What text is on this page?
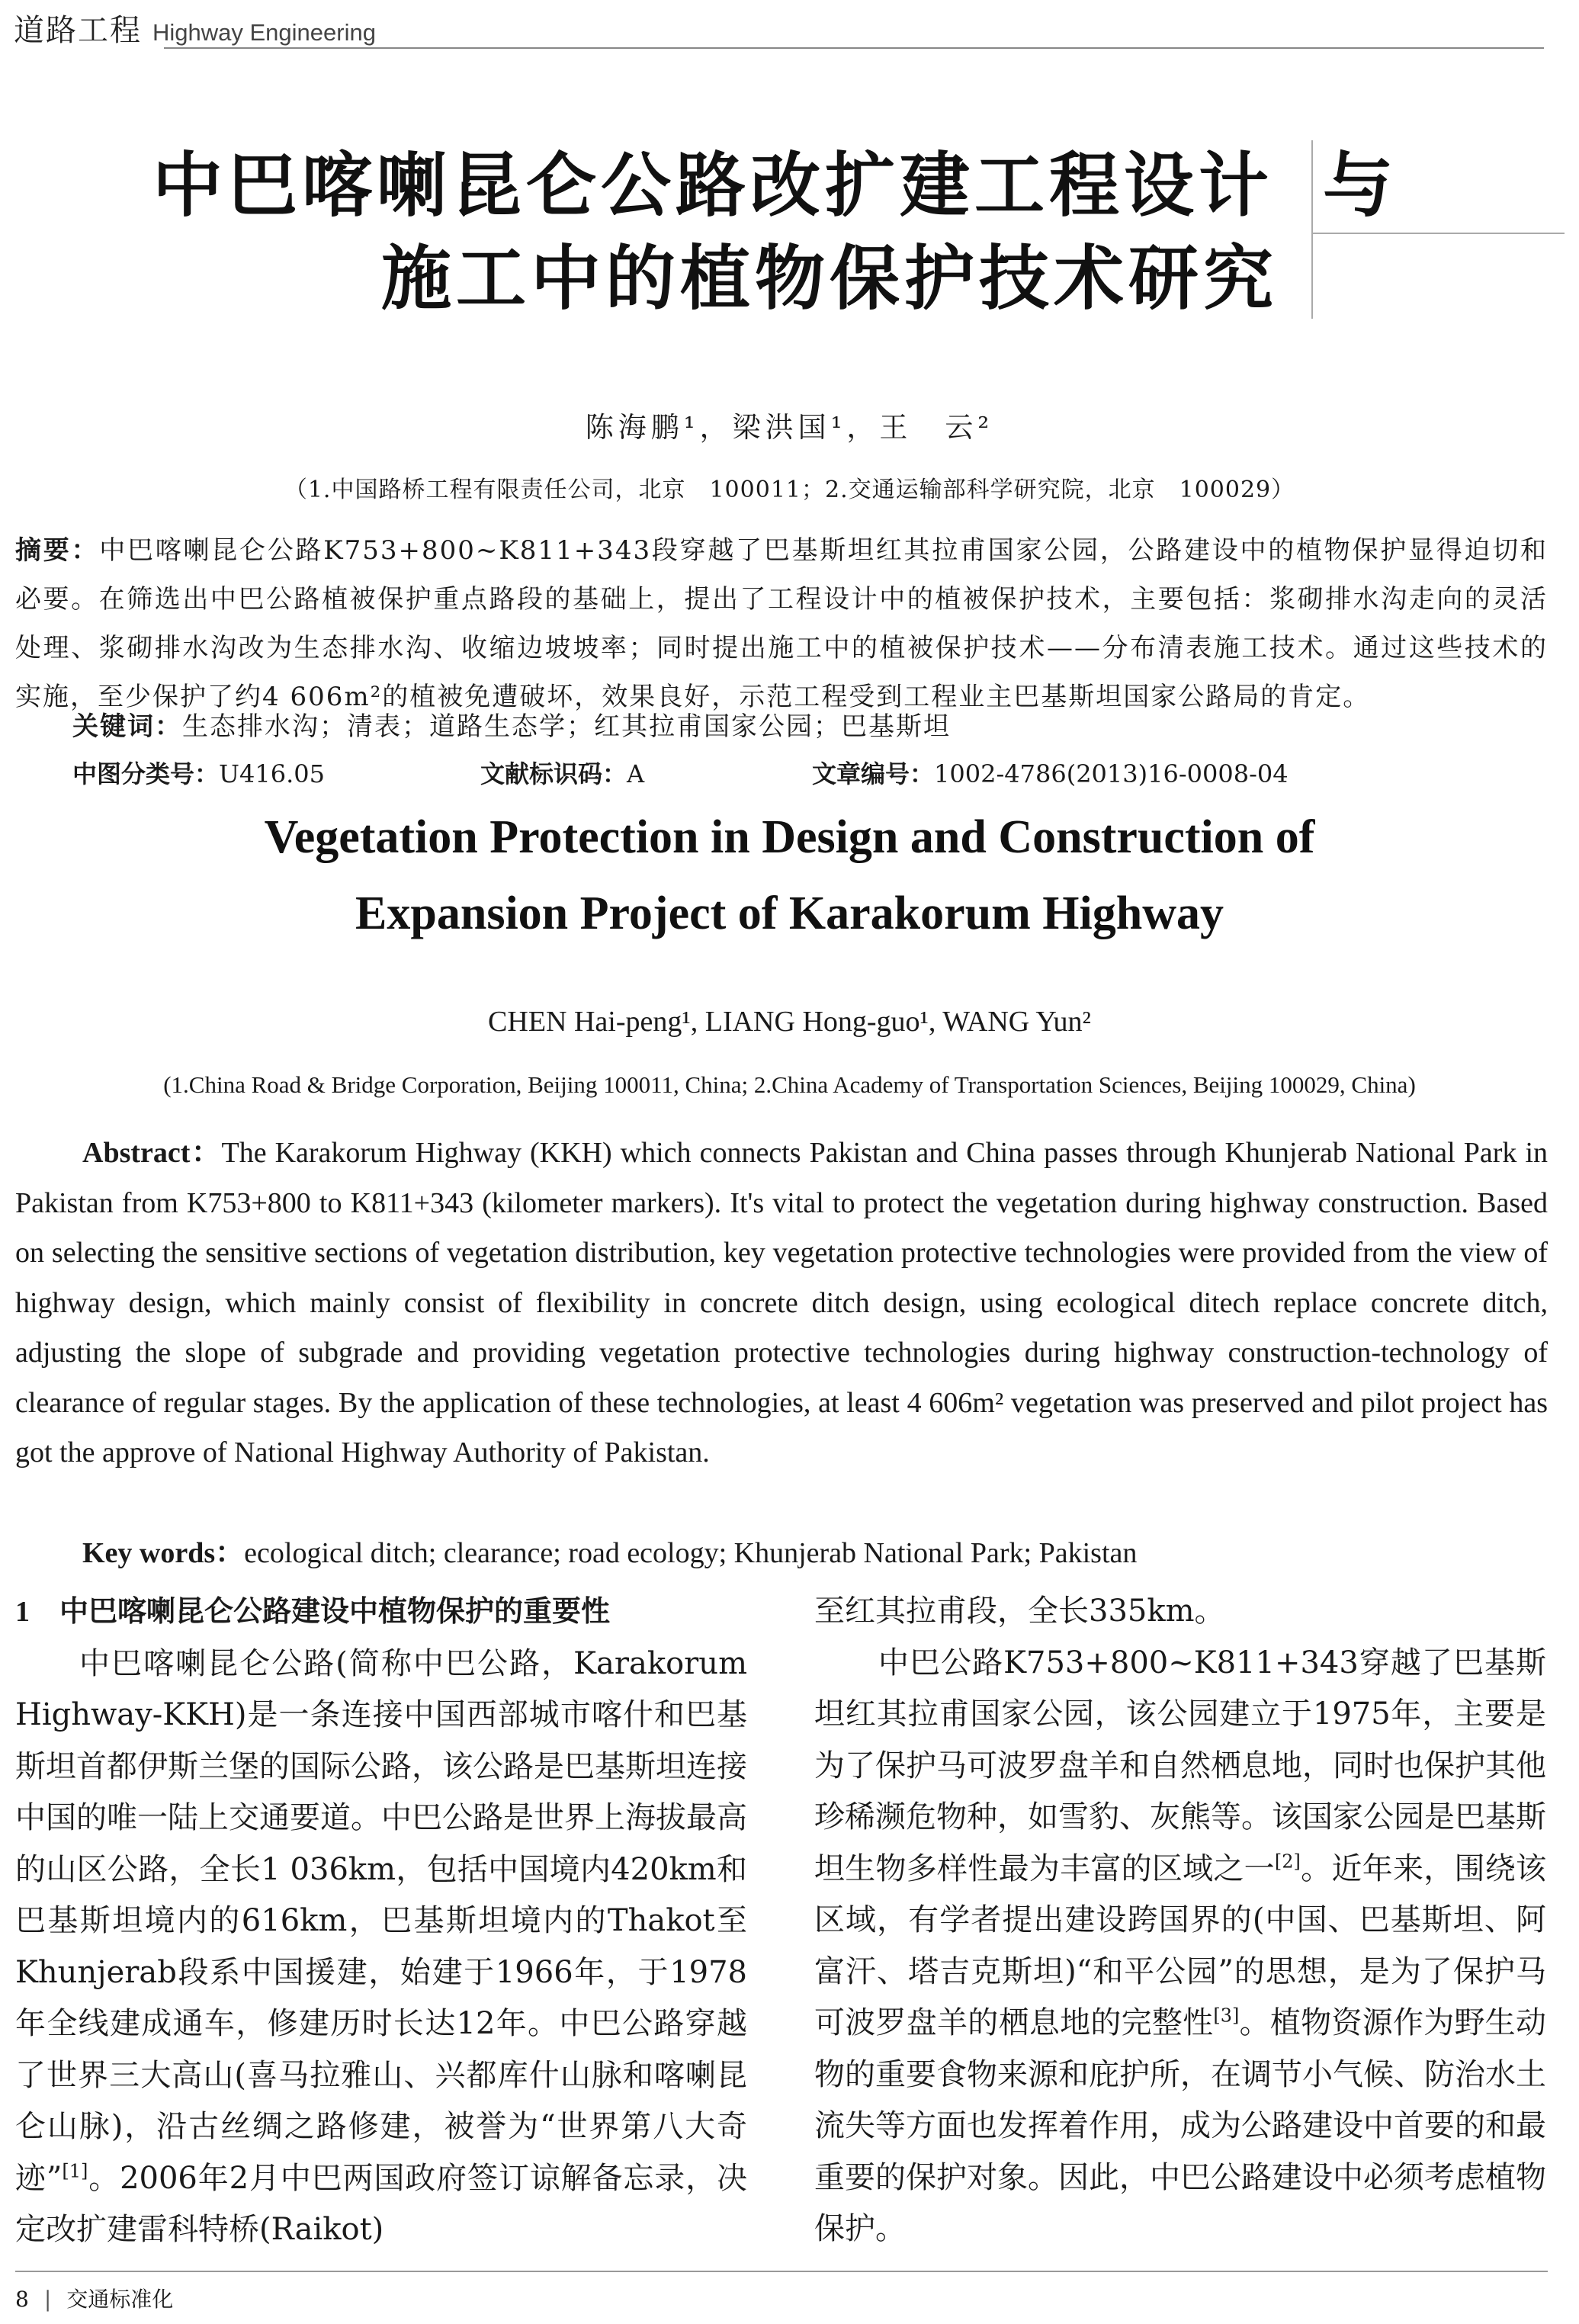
道路工程 Highway Engineering
中巴喀喇昆仑公路改扩建工程设计 与
施工中的植物保护技术研究
陈海鹏¹，梁洪国¹，王　云²
（1.中国路桥工程有限责任公司，北京　100011；2.交通运输部科学研究院，北京　100029）
摘要：中巴喀喇昆仑公路K753+800~K811+343段穿越了巴基斯坦红其拉甫国家公园，公路建设中的植物保护显得迫切和必要。在筛选出中巴公路植被保护重点路段的基础上，提出了工程设计中的植被保护技术，主要包括：浆砌排水沟走向的灵活处理、浆砌排水沟改为生态排水沟、收缩边坡坡率；同时提出施工中的植被保护技术——分布清表施工技术。通过这些技术的实施，至少保护了约4 606m²的植被免遭破坏，效果良好，示范工程受到工程业主巴基斯坦国家公路局的肯定。
关键词：生态排水沟；清表；道路生态学；红其拉甫国家公园；巴基斯坦
中图分类号：U416.05	文献标识码：A	文章编号：1002-4786(2013)16-0008-04
Vegetation Protection in Design and Construction of
Expansion Project of Karakorum Highway
CHEN Hai-peng¹, LIANG Hong-guo¹, WANG Yun²
(1.China Road & Bridge Corporation, Beijing 100011, China; 2.China Academy of Transportation Sciences, Beijing 100029, China)
Abstract：The Karakorum Highway (KKH) which connects Pakistan and China passes through Khunjerab National Park in Pakistan from K753+800 to K811+343 (kilometer markers). It's vital to protect the vegetation during highway construction. Based on selecting the sensitive sections of vegetation distribution, key vegetation protective technologies were provided from the view of highway design, which mainly consist of flexibility in concrete ditch design, using ecological ditech replace concrete ditch, adjusting the slope of subgrade and providing vegetation protective technologies during highway construction-technology of clearance of regular stages. By the application of these technologies, at least 4 606m² vegetation was preserved and pilot project has got the approve of National Highway Authority of Pakistan.
Key words：ecological ditch; clearance; road ecology; Khunjerab National Park; Pakistan
1 中巴喀喇昆仑公路建设中植物保护的重要性
中巴喀喇昆仑公路(简称中巴公路，Karakorum Highway-KKH)是一条连接中国西部城市喀什和巴基斯坦首都伊斯兰堡的国际公路，该公路是巴基斯坦连接中国的唯一陆上交通要道。中巴公路是世界上海拔最高的山区公路，全长1 036km，包括中国境内420km和巴基斯坦境内的616km，巴基斯坦境内的Thakot至Khunjerab段系中国援建，始建于1966年，于1978年全线建成通车，修建历时长达12年。中巴公路穿越了世界三大高山(喜马拉雅山、兴都库什山脉和喀喇昆仑山脉)，沿古丝绸之路修建，被誉为“世界第八大奇迹”[1]。2006年2月中巴两国政府签订谅解备忘录，决定改扩建雷科特桥(Raikot)
至红其拉甫段，全长335km。
中巴公路K753+800~K811+343穿越了巴基斯坦红其拉甫国家公园，该公园建立于1975年，主要是为了保护马可波罗盘羊和自然栖息地，同时也保护其他珍稀濒危物种，如雪豹、灰熊等。该国家公园是巴基斯坦生物多样性最为丰富的区域之一[2]。近年来，围绕该区域，有学者提出建设跨国界的(中国、巴基斯坦、阿富汗、塔吉克斯坦)“和平公园”的思想，是为了保护马可波罗盘羊的栖息地的完整性[3]。植物资源作为野生动物的重要食物来源和庇护所，在调节小气候、防治水土流失等方面也发挥着作用，成为公路建设中首要的和最重要的保护对象。因此，中巴公路建设中必须考虑植物保护。
8 | 交通标准化
